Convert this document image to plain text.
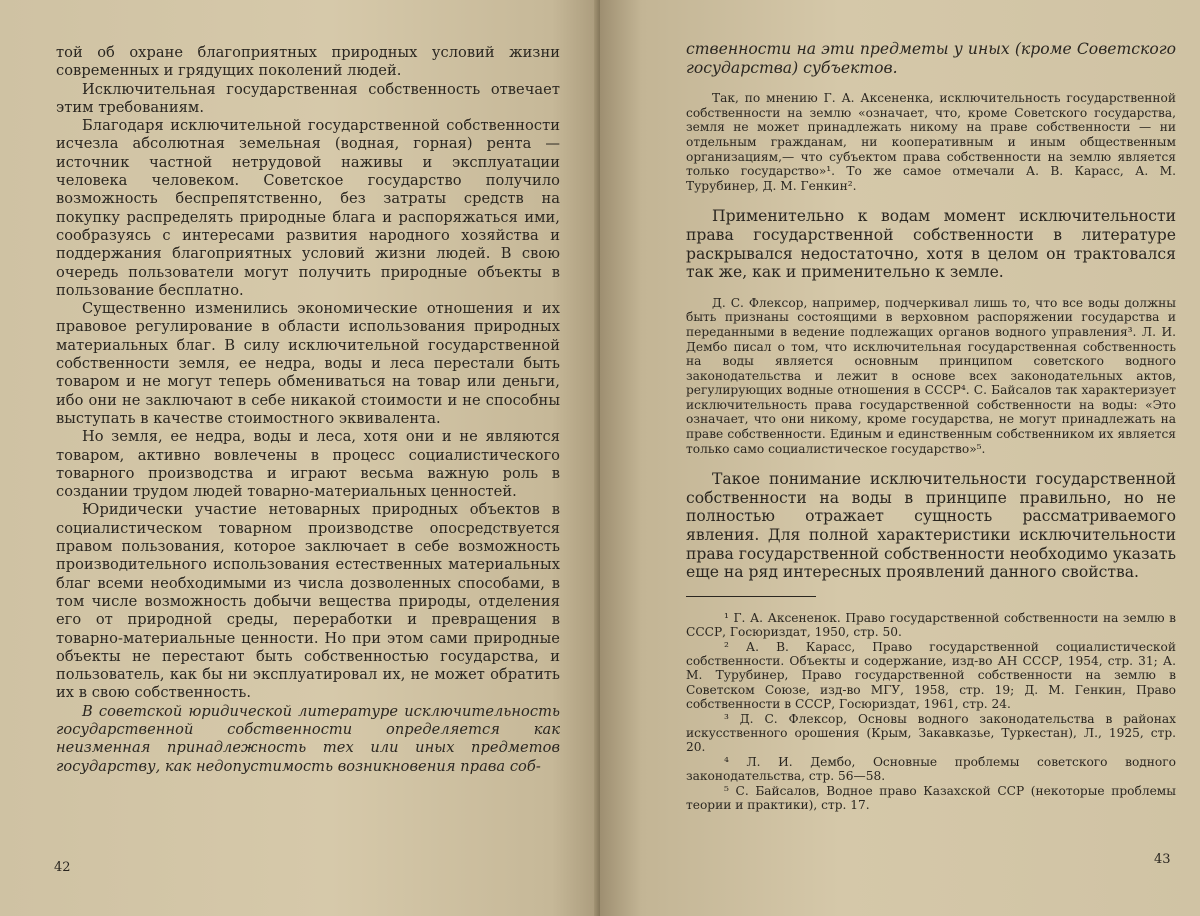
той об охране благоприятных природных условий жизни современных и грядущих поколений людей.

Исключительная государственная собственность отвечает этим требованиям.

Благодаря исключительной государственной собственности исчезла абсолютная земельная (водная, горная) рента — источник частной нетрудовой наживы и эксплуатации человека человеком. Советское государство получило возможность беспрепятственно, без затраты средств на покупку распределять природные блага и распоряжаться ими, сообразуясь с интересами развития народного хозяйства и поддержания благоприятных условий жизни людей. В свою очередь пользователи могут получить природные объекты в пользование бесплатно.

Существенно изменились экономические отношения и их правовое регулирование в области использования природных материальных благ. В силу исключительной государственной собственности земля, ее недра, воды и леса перестали быть товаром и не могут теперь обмениваться на товар или деньги, ибо они не заключают в себе никакой стоимости и не способны выступать в качестве стоимостного эквивалента.

Но земля, ее недра, воды и леса, хотя они и не являются товаром, активно вовлечены в процесс социалистического товарного производства и играют весьма важную роль в создании трудом людей товарно-материальных ценностей.

Юридически участие нетоварных природных объектов в социалистическом товарном производстве опосредствуется правом пользования, которое заключает в себе возможность производительного использования естественных материальных благ всеми необходимыми из числа дозволенных способами, в том числе возможность добычи вещества природы, отделения его от природной среды, переработки и превращения в товарно-материальные ценности. Но при этом сами природные объекты не перестают быть собственностью государства, и пользователь, как бы ни эксплуатировал их, не может обратить их в свою собственность.

В советской юридической литературе исключительность государственной собственности определяется как неизменная принадлежность тех или иных предметов государству, как недопустимость возникновения права соб-

42

ственности на эти предметы у иных (кроме Советского государства) субъектов.

Так, по мнению Г. А. Аксененка, исключительность государственной собственности на землю «означает, что, кроме Советского государства, земля не может принадлежать никому на праве собственности — ни отдельным гражданам, ни кооперативным и иным общественным организациям,— что субъектом права собственности на землю является только государство»¹. То же самое отмечали А. В. Карасс, А. М. Турубинер, Д. М. Генкин².

Применительно к водам момент исключительности права государственной собственности в литературе раскрывался недостаточно, хотя в целом он трактовался так же, как и применительно к земле.

Д. С. Флексор, например, подчеркивал лишь то, что все воды должны быть признаны состоящими в верховном распоряжении государства и переданными в ведение подлежащих органов водного управления³. Л. И. Дембо писал о том, что исключительная государственная собственность на воды является основным принципом советского водного законодательства и лежит в основе всех законодательных актов, регулирующих водные отношения в СССР⁴. С. Байсалов так характеризует исключительность права государственной собственности на воды: «Это означает, что они никому, кроме государства, не могут принадлежать на праве собственности. Единым и единственным собственником их является только само социалистическое государство»⁵.

Такое понимание исключительности государственной собственности на воды в принципе правильно, но не полностью отражает сущность рассматриваемого явления. Для полной характеристики исключительности права государственной собственности необходимо указать еще на ряд интересных проявлений данного свойства.

¹ Г. А. Аксененок. Право государственной собственности на землю в СССР, Госюриздат, 1950, стр. 50.

² А. В. Карасс, Право государственной социалистической собственности. Объекты и содержание, изд-во АН СССР, 1954, стр. 31; А. М. Турубинер, Право государственной собственности на землю в Советском Союзе, изд-во МГУ, 1958, стр. 19; Д. М. Генкин, Право собственности в СССР, Госюриздат, 1961, стр. 24.

³ Д. С. Флексор, Основы водного законодательства в районах искусственного орошения (Крым, Закавказье, Туркестан), Л., 1925, стр. 20.

⁴ Л. И. Дембо, Основные проблемы советского водного законодательства, стр. 56—58.

⁵ С. Байсалов, Водное право Казахской ССР (некоторые проблемы теории и практики), стр. 17.

43
